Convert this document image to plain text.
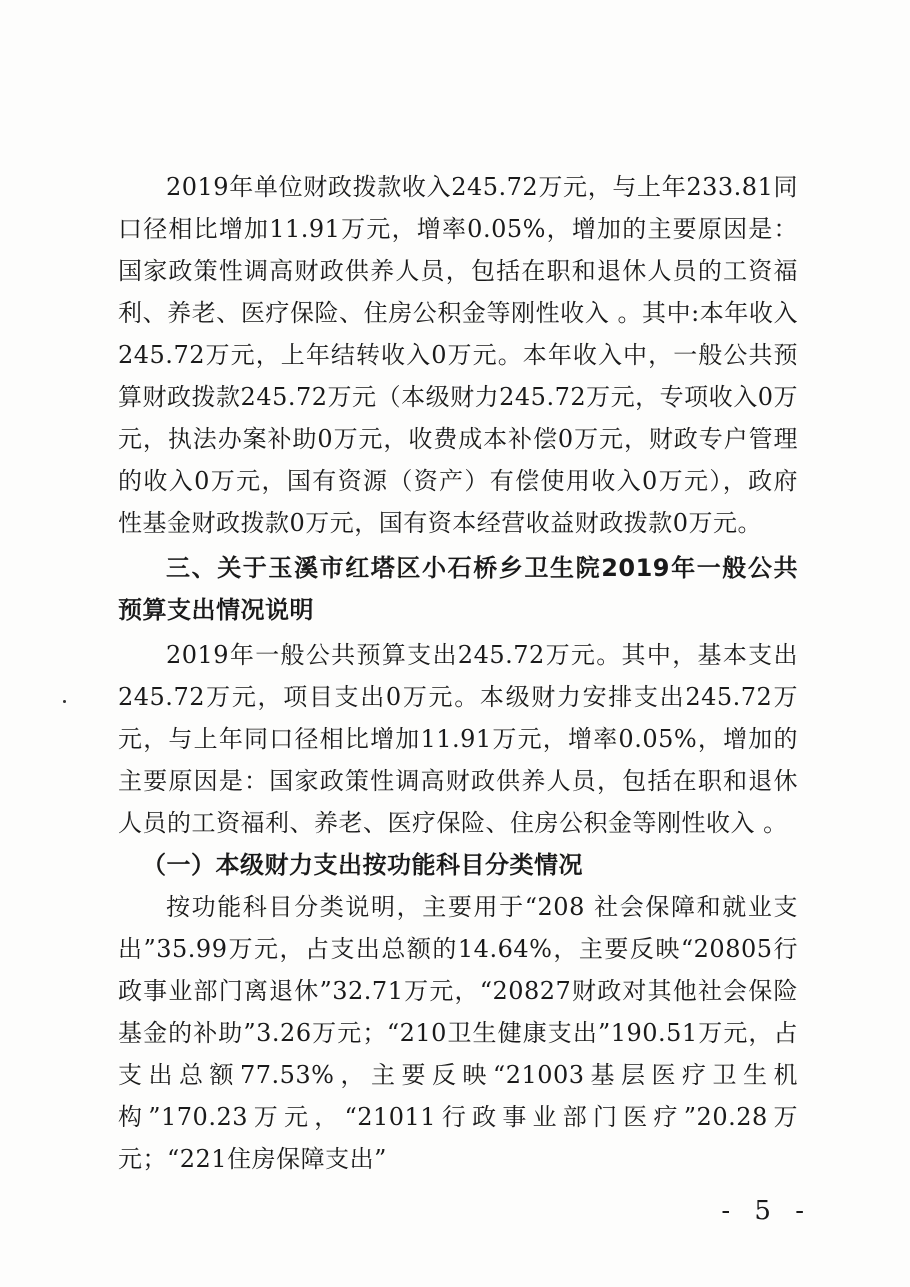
2019年单位财政拨款收入245.72万元，与上年233.81同口径相比增加11.91万元，增率0.05%，增加的主要原因是：国家政策性调高财政供养人员，包括在职和退休人员的工资福利、养老、医疗保险、住房公积金等刚性收入 。其中:本年收入245.72万元，上年结转收入0万元。本年收入中，一般公共预算财政拨款245.72万元（本级财力245.72万元，专项收入0万元，执法办案补助0万元，收费成本补偿0万元，财政专户管理的收入0万元，国有资源（资产）有偿使用收入0万元），政府性基金财政拨款0万元，国有资本经营收益财政拨款0万元。

三、关于玉溪市红塔区小石桥乡卫生院2019年一般公共预算支出情况说明

2019年一般公共预算支出245.72万元。其中，基本支出245.72万元，项目支出0万元。本级财力安排支出245.72万元，与上年同口径相比增加11.91万元，增率0.05%，增加的主要原因是：国家政策性调高财政供养人员，包括在职和退休人员的工资福利、养老、医疗保险、住房公积金等刚性收入 。

（一）本级财力支出按功能科目分类情况

按功能科目分类说明，主要用于“208 社会保障和就业支出”35.99万元，占支出总额的14.64%，主要反映“20805行政事业部门离退休”32.71万元，“20827财政对其他社会保险基金的补助”3.26万元；“210卫生健康支出”190.51万元，占支出总额77.53%，主要反映“21003基层医疗卫生机构”170.23万元，“21011行政事业部门医疗”20.28万元；“221住房保障支出”

- 5 -
